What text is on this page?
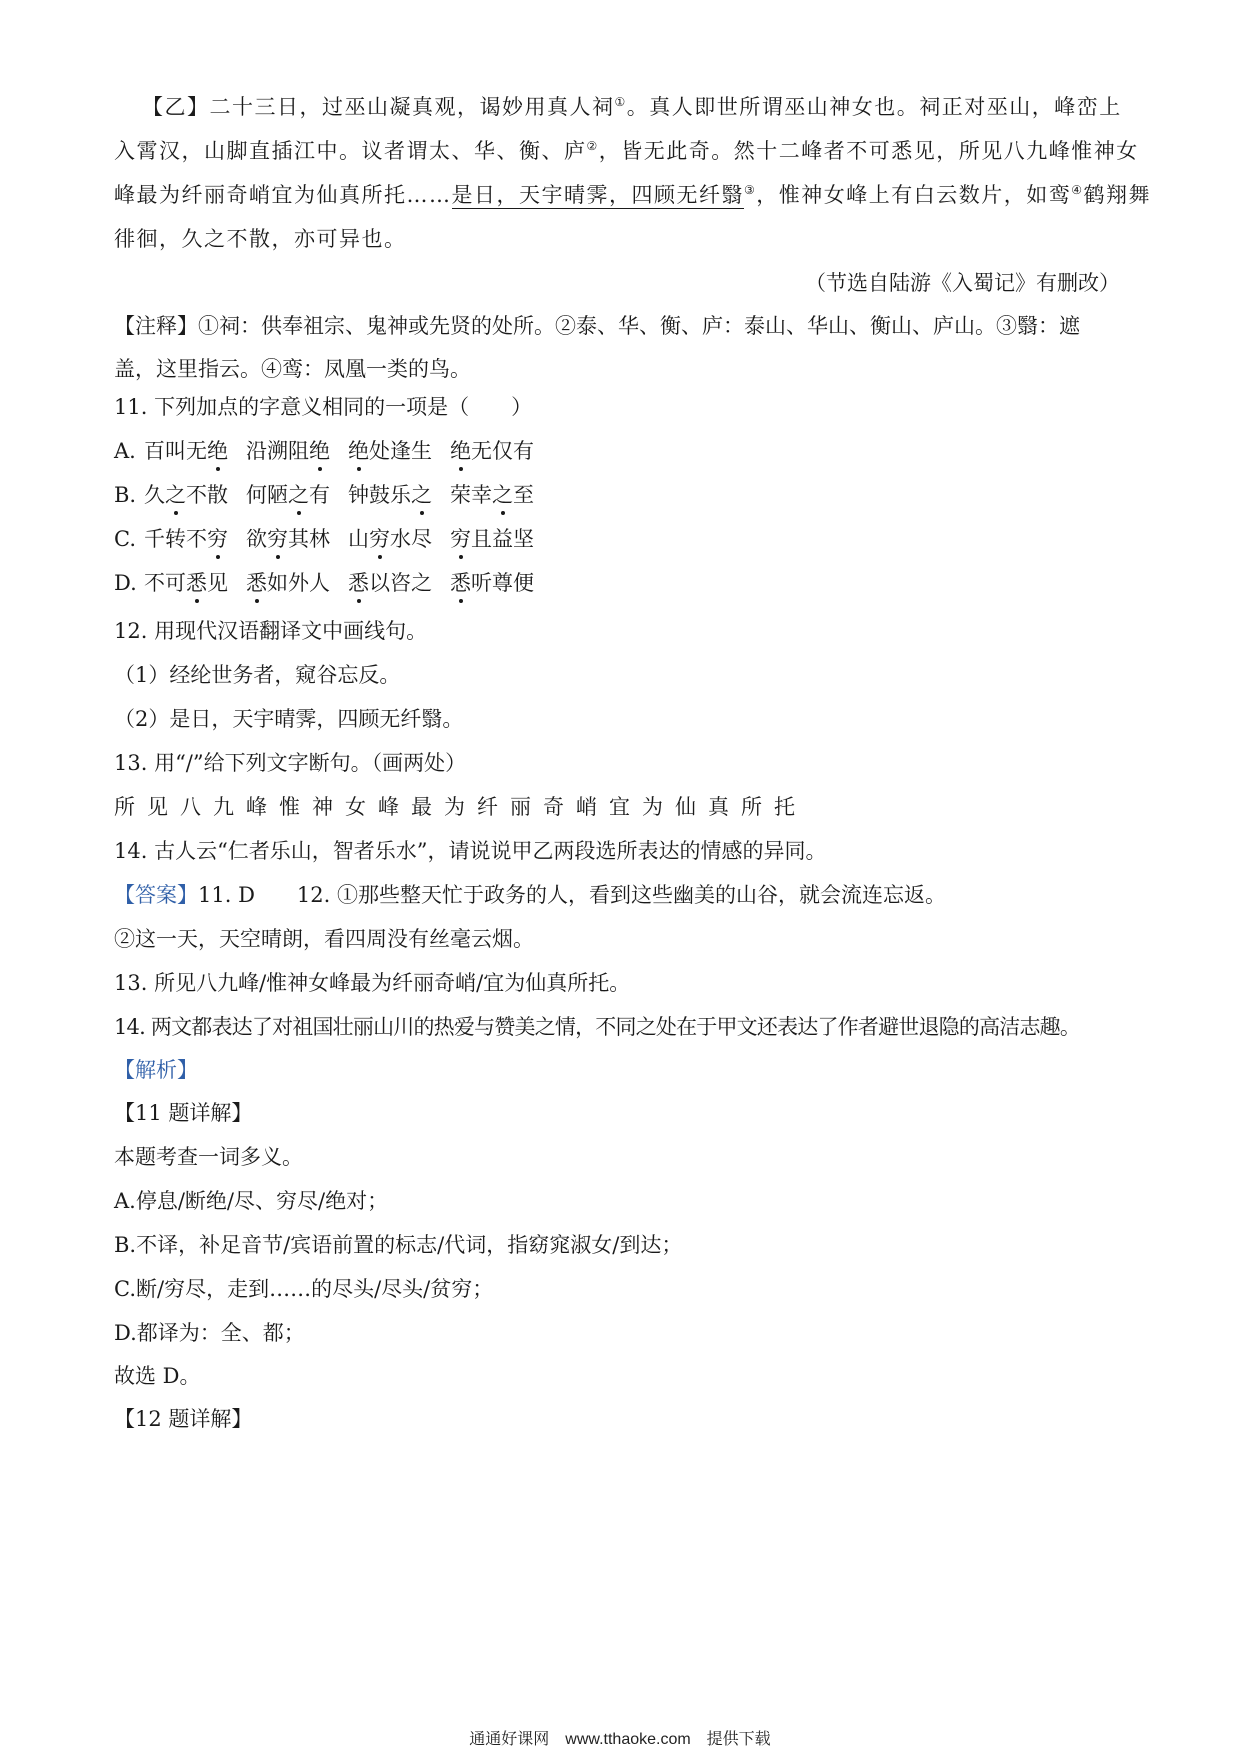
【乙】二十三日，过巫山凝真观，谒妙用真人祠①。真人即世所谓巫山神女也。祠正对巫山，峰峦上
入霄汉，山脚直插江中。议者谓太、华、衡、庐②，皆无此奇。然十二峰者不可悉见，所见八九峰惟神女
峰最为纤丽奇峭宜为仙真所托……是日，天宇晴霁，四顾无纤翳③，惟神女峰上有白云数片，如鸾④鹤翔舞
徘徊，久之不散，亦可异也。
（节选自陆游《入蜀记》有删改）
【注释】①祠：供奉祖宗、鬼神或先贤的处所。②泰、华、衡、庐：泰山、华山、衡山、庐山。③翳：遮
盖，这里指云。④鸾：凤凰一类的鸟。
11. 下列加点的字意义相同的一项是（　　）
A. 百叫无绝 沿溯阻绝 绝处逢生 绝无仅有
B. 久之不散 何陋之有 钟鼓乐之 荣幸之至
C. 千转不穷 欲穷其林 山穷水尽 穷且益坚
D. 不可悉见 悉如外人 悉以咨之 悉听尊便
12. 用现代汉语翻译文中画线句。
（1）经纶世务者，窥谷忘反。
（2）是日，天宇晴霁，四顾无纤翳。
13. 用“/”给下列文字断句。（画两处）
所见八九峰惟神女峰最为纤丽奇峭宜为仙真所托
14. 古人云“仁者乐山，智者乐水”，请说说甲乙两段选所表达的情感的异同。
【答案】11. D　　12. ①那些整天忙于政务的人，看到这些幽美的山谷，就会流连忘返。
②这一天，天空晴朗，看四周没有丝毫云烟。
13. 所见八九峰/惟神女峰最为纤丽奇峭/宜为仙真所托。
14. 两文都表达了对祖国壮丽山川的热爱与赞美之情，不同之处在于甲文还表达了作者避世退隐的高洁志趣。
【解析】
【11 题详解】
本题考查一词多义。
A.停息/断绝/尽、穷尽/绝对；
B.不译，补足音节/宾语前置的标志/代词，指窈窕淑女/到达；
C.断/穷尽，走到……的尽头/尽头/贫穷；
D.都译为：全、都；
故选 D。
【12 题详解】
通通好课网　www.tthaoke.com　提供下载
